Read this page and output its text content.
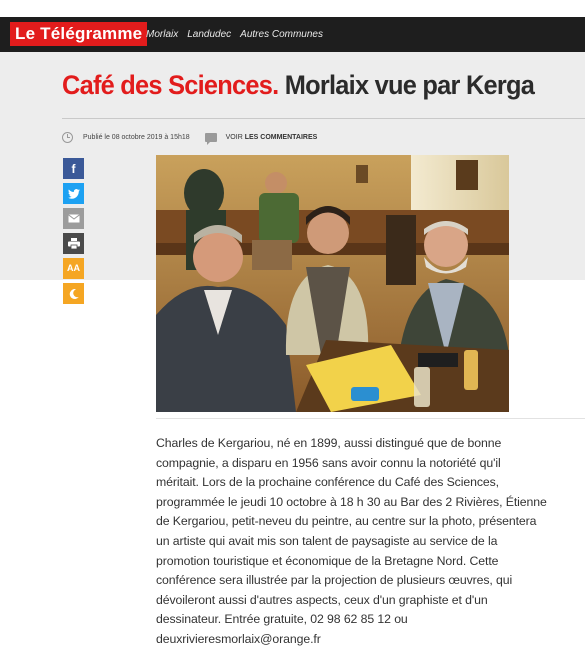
Le Télégramme Morlaix Landudec Autres Communes
Café des Sciences. Morlaix vue par Kerga
Publié le 08 octobre 2019 à 15h18	VOIR LES COMMENTAIRES
f
AA
Charles de Kergariou, né en 1899, aussi distingué que de bonne
compagnie, a disparu en 1956 sans avoir connu la notoriété qu'il
méritait. Lors de la prochaine conférence du Café des Sciences,
programmée le jeudi 10 octobre à 18 h 30 au Bar des 2 Rivières, Étienne
de Kergariou, petit-neveu du peintre, au centre sur la photo, présentera
un artiste qui avait mis son talent de paysagiste au service de la
promotion touristique et économique de la Bretagne Nord. Cette
conférence sera illustrée par la projection de plusieurs œuvres, qui
dévoileront aussi d'autres aspects, ceux d'un graphiste et d'un
dessinateur. Entrée gratuite, 02 98 62 85 12 ou
deuxrivieresmorlaix@orange.fr
